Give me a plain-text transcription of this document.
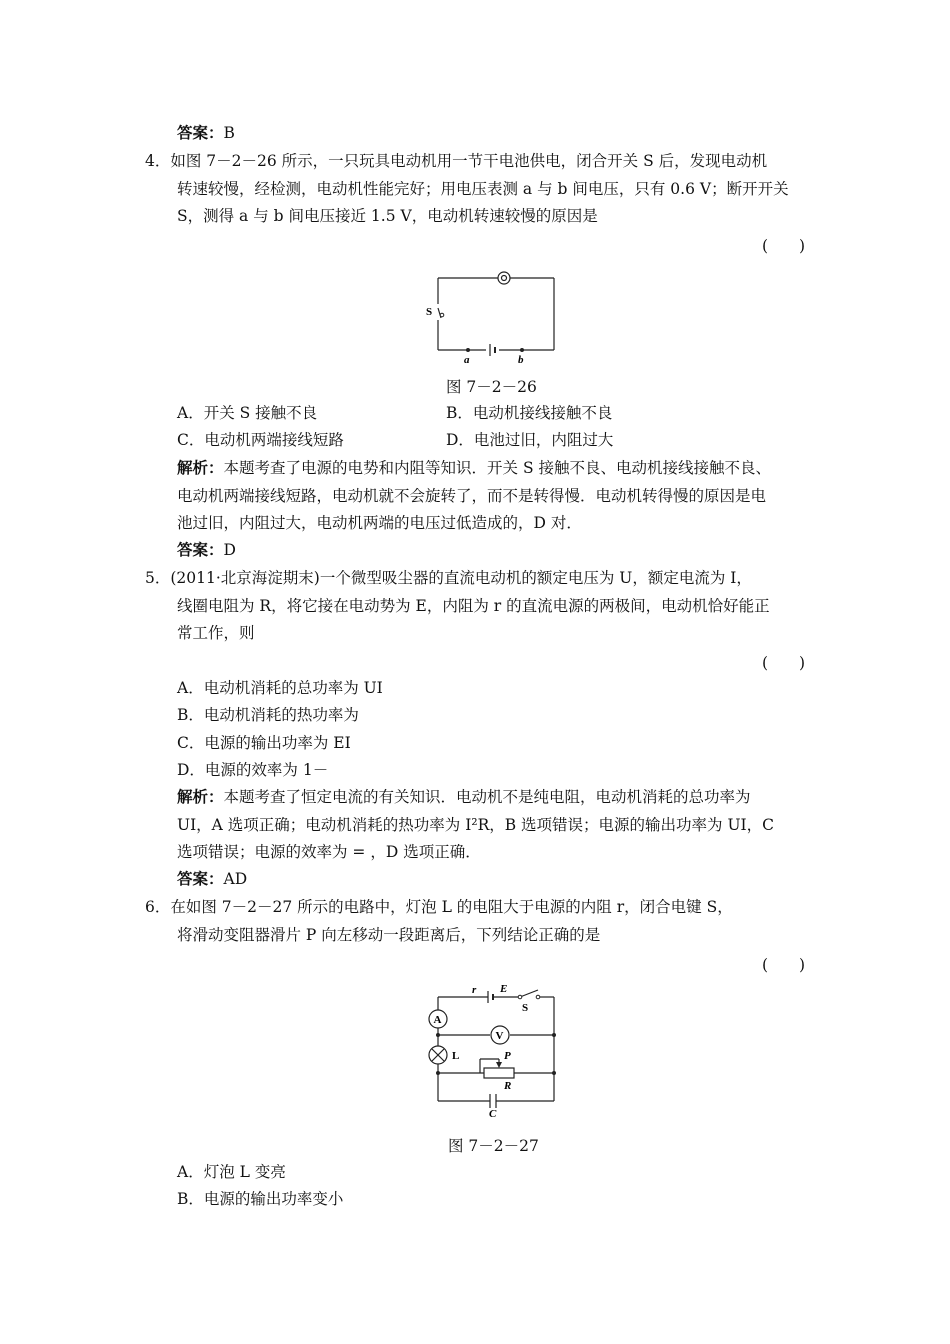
答案：B
4．如图 7－2－26 所示，一只玩具电动机用一节干电池供电，闭合开关 S 后，发现电动机
转速较慢，经检测，电动机性能完好；用电压表测 a 与 b 间电压，只有 0.6 V；断开开关
S，测得 a 与 b 间电压接近 1.5 V，电动机转速较慢的原因是
(　　)
S
a	b
图 7－2－26
A．开关 S 接触不良	B．电动机接线接触不良
C．电动机两端接线短路	D．电池过旧，内阻过大
解析：本题考查了电源的电势和内阻等知识．开关 S 接触不良、电动机接线接触不良、
电动机两端接线短路，电动机就不会旋转了，而不是转得慢．电动机转得慢的原因是电
池过旧，内阻过大，电动机两端的电压过低造成的，D 对．
答案：D
5．(2011·北京海淀期末)一个微型吸尘器的直流电动机的额定电压为 U，额定电流为 I，
线圈电阻为 R，将它接在电动势为 E，内阻为 r 的直流电源的两极间，电动机恰好能正
常工作，则
(　　)
A．电动机消耗的总功率为 UI
B．电动机消耗的热功率为
C．电源的输出功率为 EI
D．电源的效率为 1－
解析：本题考查了恒定电流的有关知识．电动机不是纯电阻，电动机消耗的总功率为
UI，A 选项正确；电动机消耗的热功率为 I²R，B 选项错误；电源的输出功率为 UI，C
选项错误；电源的效率为 = ，D 选项正确．
答案：AD
6．在如图 7－2－27 所示的电路中，灯泡 L 的电阻大于电源的内阻 r，闭合电键 S，
将滑动变阻器滑片 P 向左移动一段距离后，下列结论正确的是
(　　)
r E
S
A
V
L	P
R
C
图 7－2－27
A．灯泡 L 变亮
B．电源的输出功率变小
